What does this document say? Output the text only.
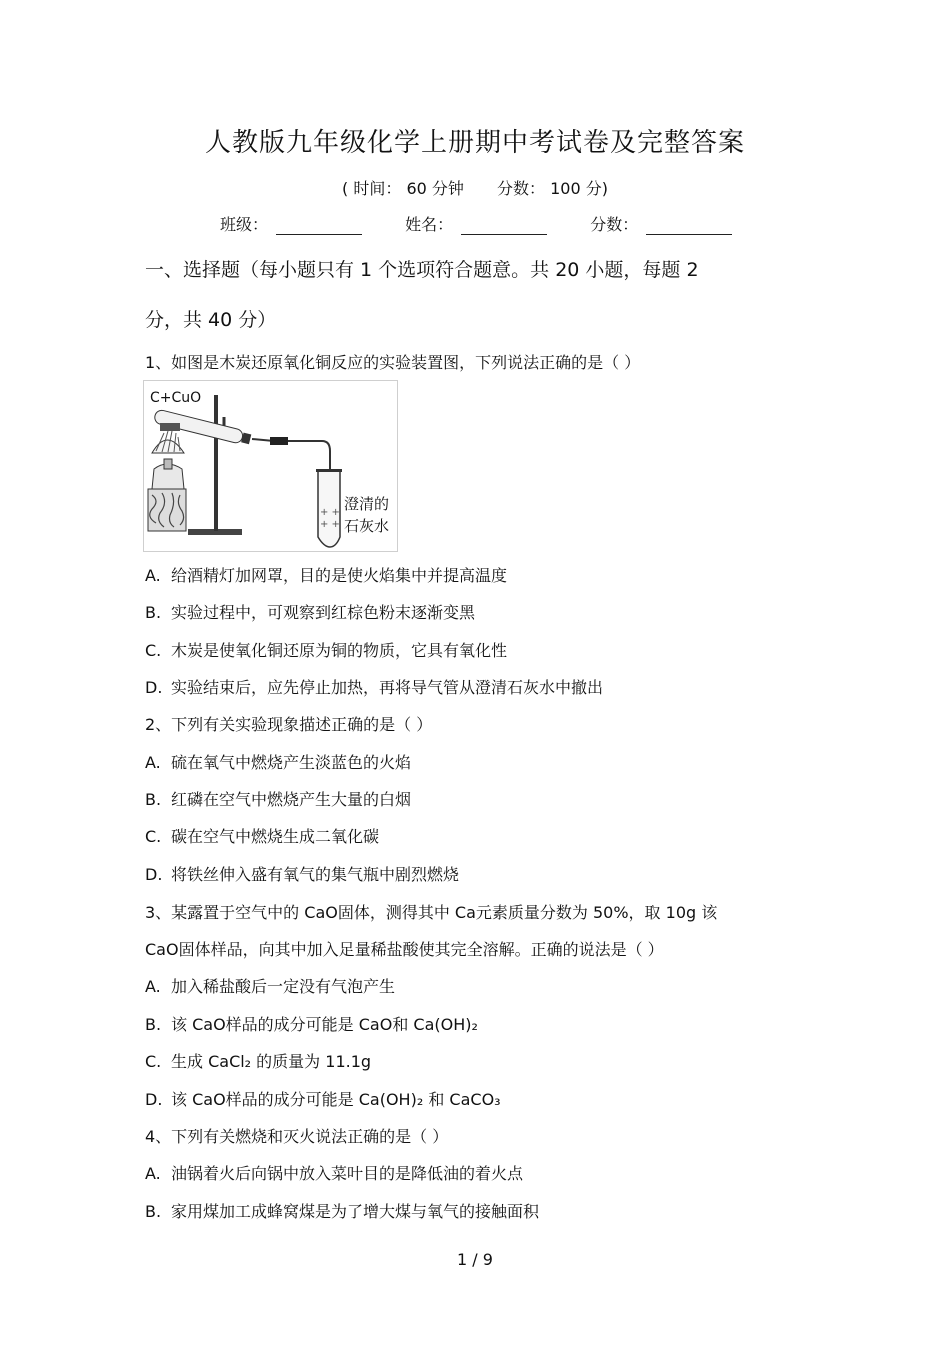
人教版九年级化学上册期中考试卷及完整答案
( 时间： 60 分钟 分数： 100 分)
班级：	姓名：	分数：
一、选择题（每小题只有 1 个选项符合题意。共 20 小题，每题 2
分，共 40 分）
1、如图是木炭还原氧化铜反应的实验装置图，下列说法正确的是（ ）
C+CuO
+ +
+ +
澄清的
石灰水
A. 给酒精灯加网罩，目的是使火焰集中并提高温度
B. 实验过程中，可观察到红棕色粉末逐渐变黑
C. 木炭是使氧化铜还原为铜的物质，它具有氧化性
D. 实验结束后，应先停止加热，再将导气管从澄清石灰水中撤出
2、下列有关实验现象描述正确的是（ ）
A. 硫在氧气中燃烧产生淡蓝色的火焰
B. 红磷在空气中燃烧产生大量的白烟
C. 碳在空气中燃烧生成二氧化碳
D. 将铁丝伸入盛有氧气的集气瓶中剧烈燃烧
3、某露置于空气中的 CaO固体，测得其中 Ca元素质量分数为 50%，取 10g 该
CaO固体样品，向其中加入足量稀盐酸使其完全溶解。正确的说法是（ ）
A. 加入稀盐酸后一定没有气泡产生
B. 该 CaO样品的成分可能是 CaO和 Ca(OH)₂
C. 生成 CaCl₂ 的质量为 11.1g
D. 该 CaO样品的成分可能是 Ca(OH)₂ 和 CaCO₃
4、下列有关燃烧和灭火说法正确的是（ ）
A. 油锅着火后向锅中放入菜叶目的是降低油的着火点
B. 家用煤加工成蜂窝煤是为了增大煤与氧气的接触面积
1 / 9
